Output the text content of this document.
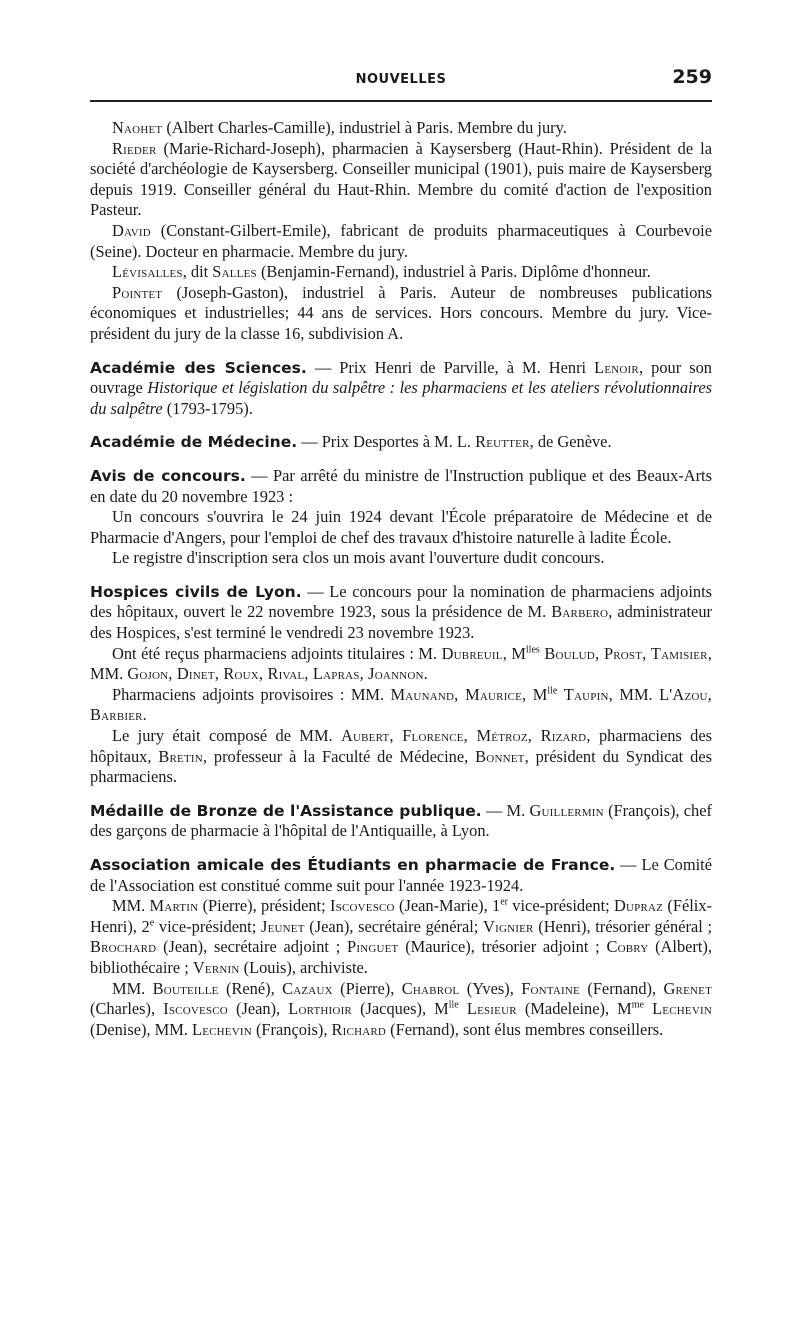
NOUVELLES	259

Naohet (Albert Charles-Camille), industriel à Paris. Membre du jury.

Rieder (Marie-Richard-Joseph), pharmacien à Kaysersberg (Haut-Rhin). Président de la société d'archéologie de Kaysersberg. Conseiller municipal (1901), puis maire de Kaysersberg depuis 1919. Conseiller général du Haut-Rhin. Membre du comité d'action de l'exposition Pasteur.

David (Constant-Gilbert-Emile), fabricant de produits pharmaceutiques à Courbevoie (Seine). Docteur en pharmacie. Membre du jury.

Lévisalles, dit Salles (Benjamin-Fernand), industriel à Paris. Diplôme d'honneur.

Pointet (Joseph-Gaston), industriel à Paris. Auteur de nombreuses publications économiques et industrielles; 44 ans de services. Hors concours. Membre du jury. Vice-président du jury de la classe 16, subdivision A.

Académie des Sciences. — Prix Henri de Parville, à M. Henri Lenoir, pour son ouvrage Historique et législation du salpêtre : les pharmaciens et les ateliers révolutionnaires du salpêtre (1793-1795).

Académie de Médecine. — Prix Desportes à M. L. Reutter, de Genève.

Avis de concours. — Par arrêté du ministre de l'Instruction publique et des Beaux-Arts en date du 20 novembre 1923 :

Un concours s'ouvrira le 24 juin 1924 devant l'École préparatoire de Médecine et de Pharmacie d'Angers, pour l'emploi de chef des travaux d'histoire naturelle à ladite École.

Le registre d'inscription sera clos un mois avant l'ouverture dudit concours.

Hospices civils de Lyon. — Le concours pour la nomination de pharmaciens adjoints des hôpitaux, ouvert le 22 novembre 1923, sous la présidence de M. Barbero, administrateur des Hospices, s'est terminé le vendredi 23 novembre 1923.

Ont été reçus pharmaciens adjoints titulaires : M. Dubreuil, $M^{lles}$ Boulud, Prost, Tamisier, MM. Gojon, Dinet, Roux, Rival, Lapras, Joannon.

Pharmaciens adjoints provisoires : MM. Maunand, Maurice, $M^{lle}$ Taupin, MM. L'Azou, Barbier.

Le jury était composé de MM. Aubert, Florence, Métroz, Rizard, pharmaciens des hôpitaux, Bretin, professeur à la Faculté de Médecine, Bonnet, président du Syndicat des pharmaciens.

Médaille de Bronze de l'Assistance publique. — M. Guillermin (François), chef des garçons de pharmacie à l'hôpital de l'Antiquaille, à Lyon.

Association amicale des Étudiants en pharmacie de France. — Le Comité de l'Association est constitué comme suit pour l'année 1923-1924.

MM. Martin (Pierre), président; Iscovesco (Jean-Marie), 1er vice-président; Dupraz (Félix-Henri), 2e vice-président; Jeunet (Jean), secrétaire général; Vignier (Henri), trésorier général ; Brochard (Jean), secrétaire adjoint ; Pinguet (Maurice), trésorier adjoint ; Cobry (Albert), bibliothécaire ; Vernin (Louis), archiviste.

MM. Bouteille (René), Cazaux (Pierre), Chabrol (Yves), Fontaine (Fernand), Grenet (Charles), Iscovesco (Jean), Lorthioir (Jacques), $M^{lle}$ Lesieur (Madeleine), $M^{me}$ Lechevin (Denise), MM. Lechevin (François), Richard (Fernand), sont élus membres conseillers.
